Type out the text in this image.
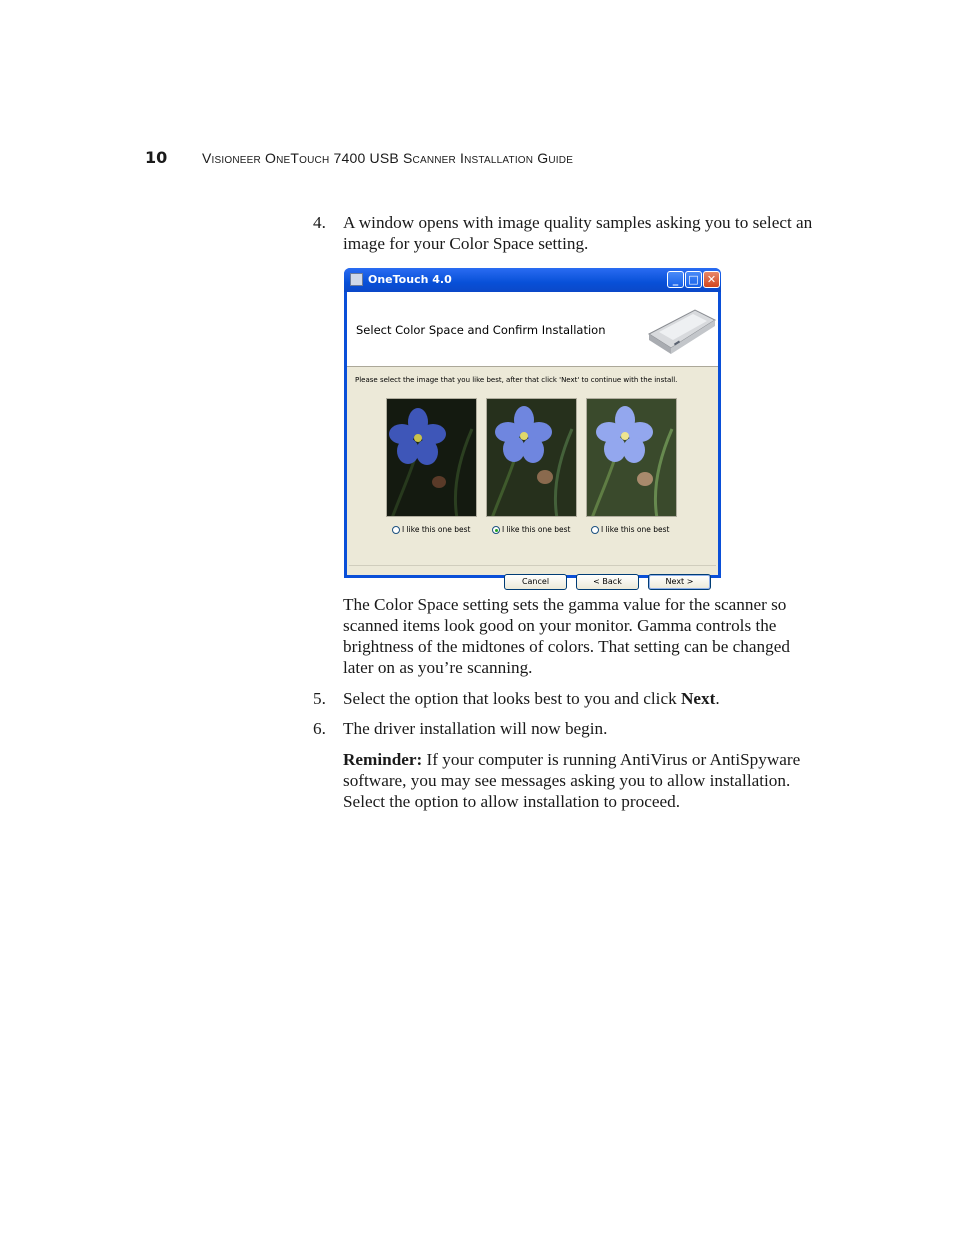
10 Visioneer OneTouch 7400 USB Scanner Installation Guide
4. A window opens with image quality samples asking you to select an image for your Color Space setting.
OneTouch 4.0	_ □ ✕
Select Color Space and Confirm Installation
Please select the image that you like best, after that click 'Next' to continue with the install.
I like this one best	I like this one best	I like this one best
Cancel	< Back	Next >
The Color Space setting sets the gamma value for the scanner so scanned items look good on your monitor. Gamma controls the brightness of the midtones of colors. That setting can be changed later on as you’re scanning.
5. Select the option that looks best to you and click Next.
6. The driver installation will now begin.
Reminder: If your computer is running AntiVirus or AntiSpyware software, you may see messages asking you to allow installation. Select the option to allow installation to proceed.
